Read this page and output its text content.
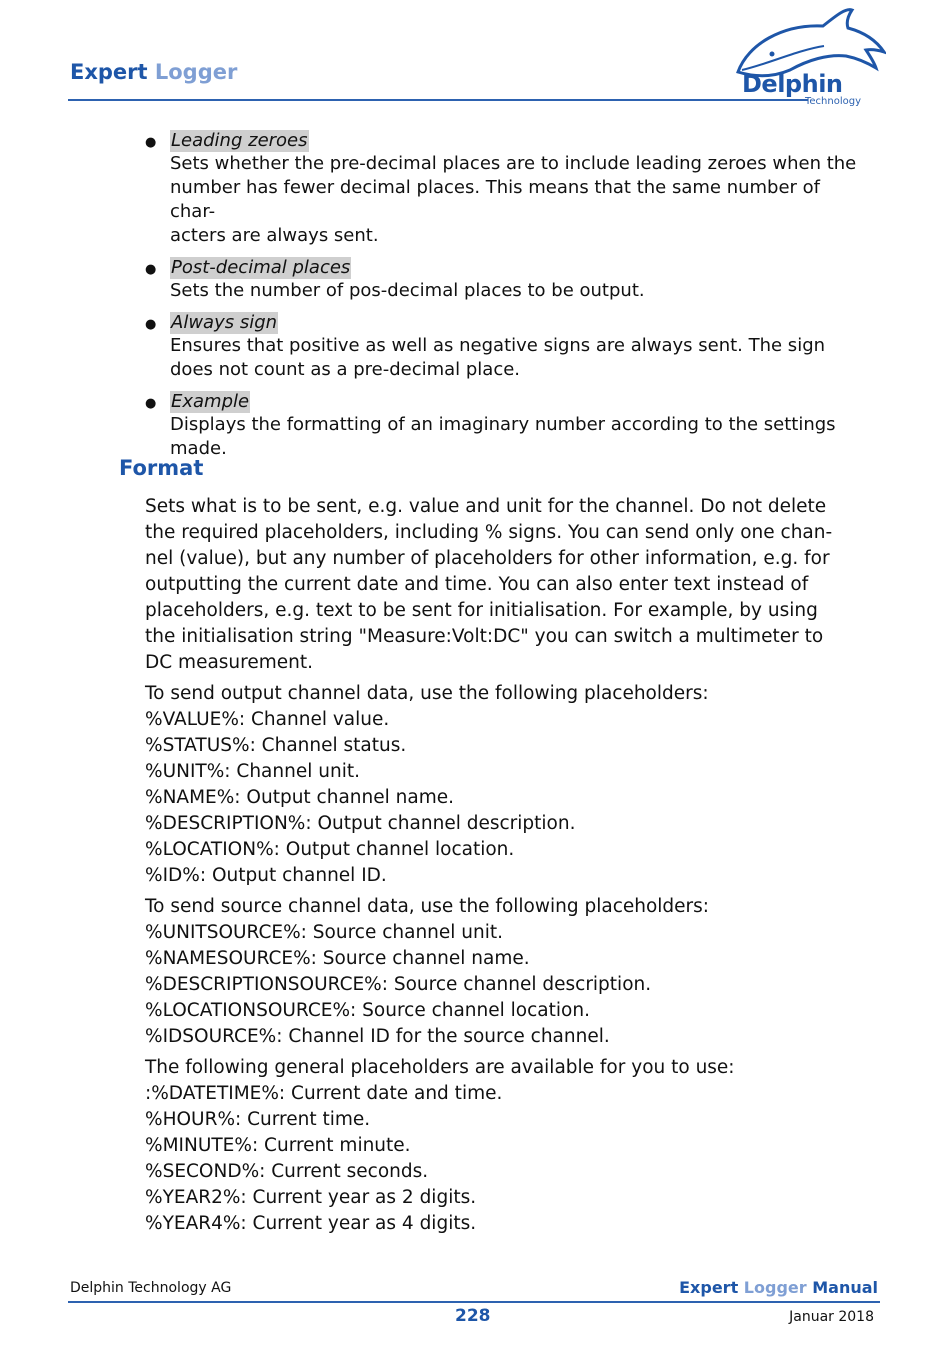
Expert Logger	Delphin
Technology
● Leading zeroes
Sets whether the pre-decimal places are to include leading zeroes when the
number has fewer decimal places. This means that the same number of char-
acters are always sent.
● Post-decimal places
Sets the number of pos-decimal places to be output.
● Always sign
Ensures that positive as well as negative signs are always sent. The sign
does not count as a pre-decimal place.
● Example
Displays the formatting of an imaginary number according to the settings
made.
Format

Sets what is to be sent, e.g. value and unit for the channel. Do not delete
the required placeholders, including % signs. You can send only one chan-
nel (value), but any number of placeholders for other information, e.g. for
outputting the current date and time. You can also enter text instead of
placeholders, e.g. text to be sent for initialisation. For example, by using
the initialisation string "Measure:Volt:DC" you can switch a multimeter to
DC measurement.

To send output channel data, use the following placeholders:
%VALUE%: Channel value.
%STATUS%: Channel status.
%UNIT%: Channel unit.
%NAME%: Output channel name.
%DESCRIPTION%: Output channel description.
%LOCATION%: Output channel location.
%ID%: Output channel ID.

To send source channel data, use the following placeholders:
%UNITSOURCE%: Source channel unit.
%NAMESOURCE%: Source channel name.
%DESCRIPTIONSOURCE%: Source channel description.
%LOCATIONSOURCE%: Source channel location.
%IDSOURCE%: Channel ID for the source channel.

The following general placeholders are available for you to use:
:%DATETIME%: Current date and time.
%HOUR%: Current time.
%MINUTE%: Current minute.
%SECOND%: Current seconds.
%YEAR2%: Current year as 2 digits.
%YEAR4%: Current year as 4 digits.

Delphin Technology AG	Expert Logger Manual
228	Januar 2018
